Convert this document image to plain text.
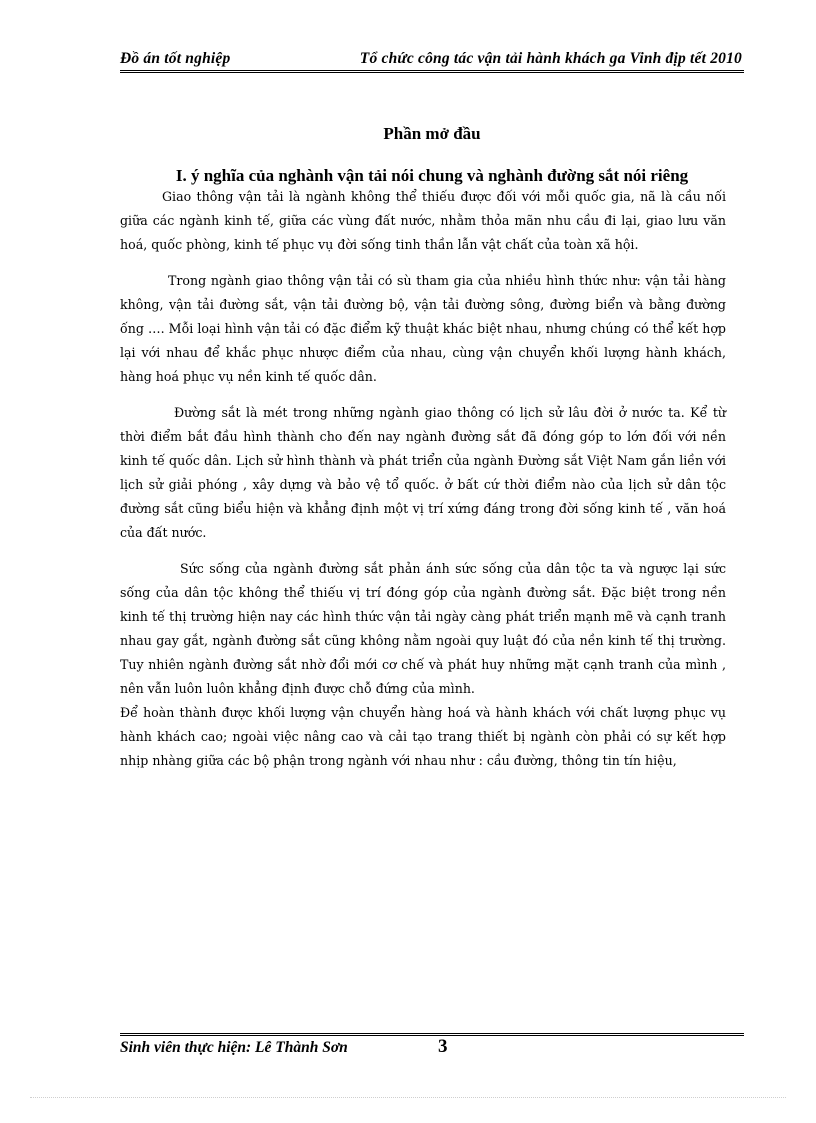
Đồ án tốt nghiệp	Tổ chức công tác vận tải hành khách ga Vinh địp tết 2010
Phần mở đầu
I. ý nghĩa của nghành vận tải nói chung và nghành đường sắt nói riêng

Giao thông vận tải là ngành không thể thiếu được đối với mỗi quốc gia, nã là cầu nối giữa các ngành kinh tế, giữa các vùng đất nước, nhằm thỏa mãn nhu cầu đi lại, giao lưu văn hoá, quốc phòng, kinh tế phục vụ đời sống tinh thần lẫn vật chất của toàn xã hội.

Trong ngành giao thông vận tải có sù tham gia của nhiều hình thức như: vận tải hàng không, vận tải đường sắt, vận tải đường bộ, vận tải đường sông, đường biển và bằng đường ống …. Mỗi loại hình vận tải có đặc điểm kỹ thuật khác biệt nhau, nhưng chúng có thể kết hợp lại với nhau để khắc phục nhược điểm của nhau, cùng vận chuyển khối lượng hành khách, hàng hoá phục vụ nền kinh tế quốc dân.

Đường sắt là mét trong những ngành giao thông có lịch sử lâu đời ở nước ta. Kể từ thời điểm bắt đầu hình thành cho đến nay ngành đường sắt đã đóng góp to lớn đối với nền kinh tế quốc dân. Lịch sử hình thành và phát triển của ngành Đường sắt Việt Nam gắn liền với lịch sử giải phóng , xây dựng và bảo vệ tổ quốc. ở bất cứ thời điểm nào của lịch sử dân tộc đường sắt cũng biểu hiện và khẳng định một vị trí xứng đáng trong đời sống kinh tế , văn hoá của đất nước.

Sức sống của ngành đường sắt phản ánh sức sống của dân tộc ta và ngược lại sức sống của dân tộc không thể thiếu vị trí đóng góp của ngành đường sắt. Đặc biệt trong nền kinh tế thị trường hiện nay các hình thức vận tải ngày càng phát triển mạnh mẽ và cạnh tranh nhau gay gắt, ngành đường sắt cũng không nằm ngoài quy luật đó của nền kinh tế thị trường. Tuy nhiên ngành đường sắt nhờ đổi mới cơ chế và phát huy những mặt cạnh tranh của mình , nên vẫn luôn luôn khẳng định được chỗ đứng của mình.

Để hoàn thành được khối lượng vận chuyển hàng hoá và hành khách với chất lượng phục vụ hành khách cao; ngoài việc nâng cao và cải tạo trang thiết bị ngành còn phải có sự kết hợp nhịp nhàng giữa các bộ phận trong ngành với nhau như : cầu đường, thông tin tín hiệu,

Sinh viên thực hiện: Lê Thành Sơn	3
